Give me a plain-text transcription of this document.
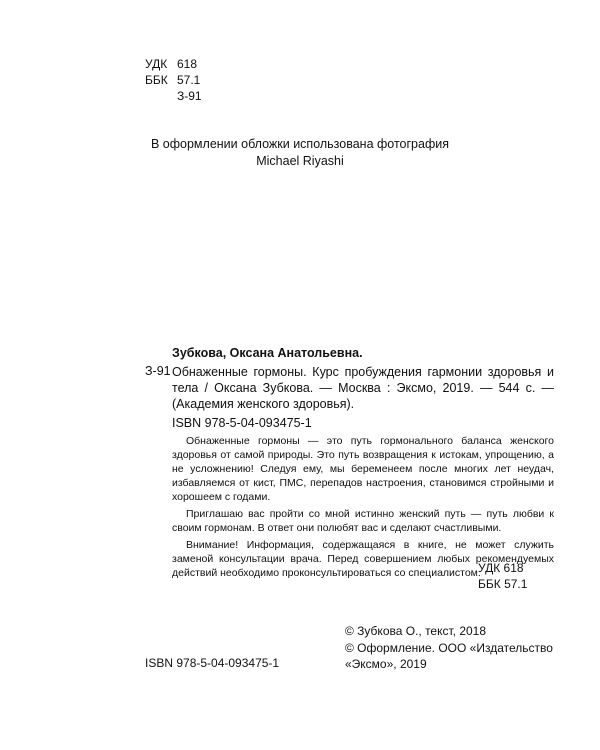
УДК 618
ББК 57.1
З-91
В оформлении обложки использована фотография
Michael Riyashi
Зубкова, Оксана Анатольевна.
З-91 Обнаженные гормоны. Курс пробуждения гармонии здоровья и тела / Оксана Зубкова. — Москва : Эксмо, 2019. — 544 с. — (Академия женского здоровья).
ISBN 978-5-04-093475-1

Обнаженные гормоны — это путь гормонального баланса женского здоровья от самой природы. Это путь возвращения к истокам, упрощению, а не усложнению! Следуя ему, мы беременеем после многих лет неудач, избавляемся от кист, ПМС, перепадов настроения, становимся стройными и хорошеем с годами.

Приглашаю вас пройти со мной истинно женский путь — путь любви к своим гормонам. В ответ они полюбят вас и сделают счастливыми.

Внимание! Информация, содержащаяся в книге, не может служить заменой консультации врача. Перед совершением любых рекомендуемых действий необходимо проконсультироваться со специалистом.

УДК 618
ББК 57.1
© Зубкова О., текст, 2018
© Оформление. ООО «Издательство
«Эксмо», 2019
ISBN 978-5-04-093475-1
